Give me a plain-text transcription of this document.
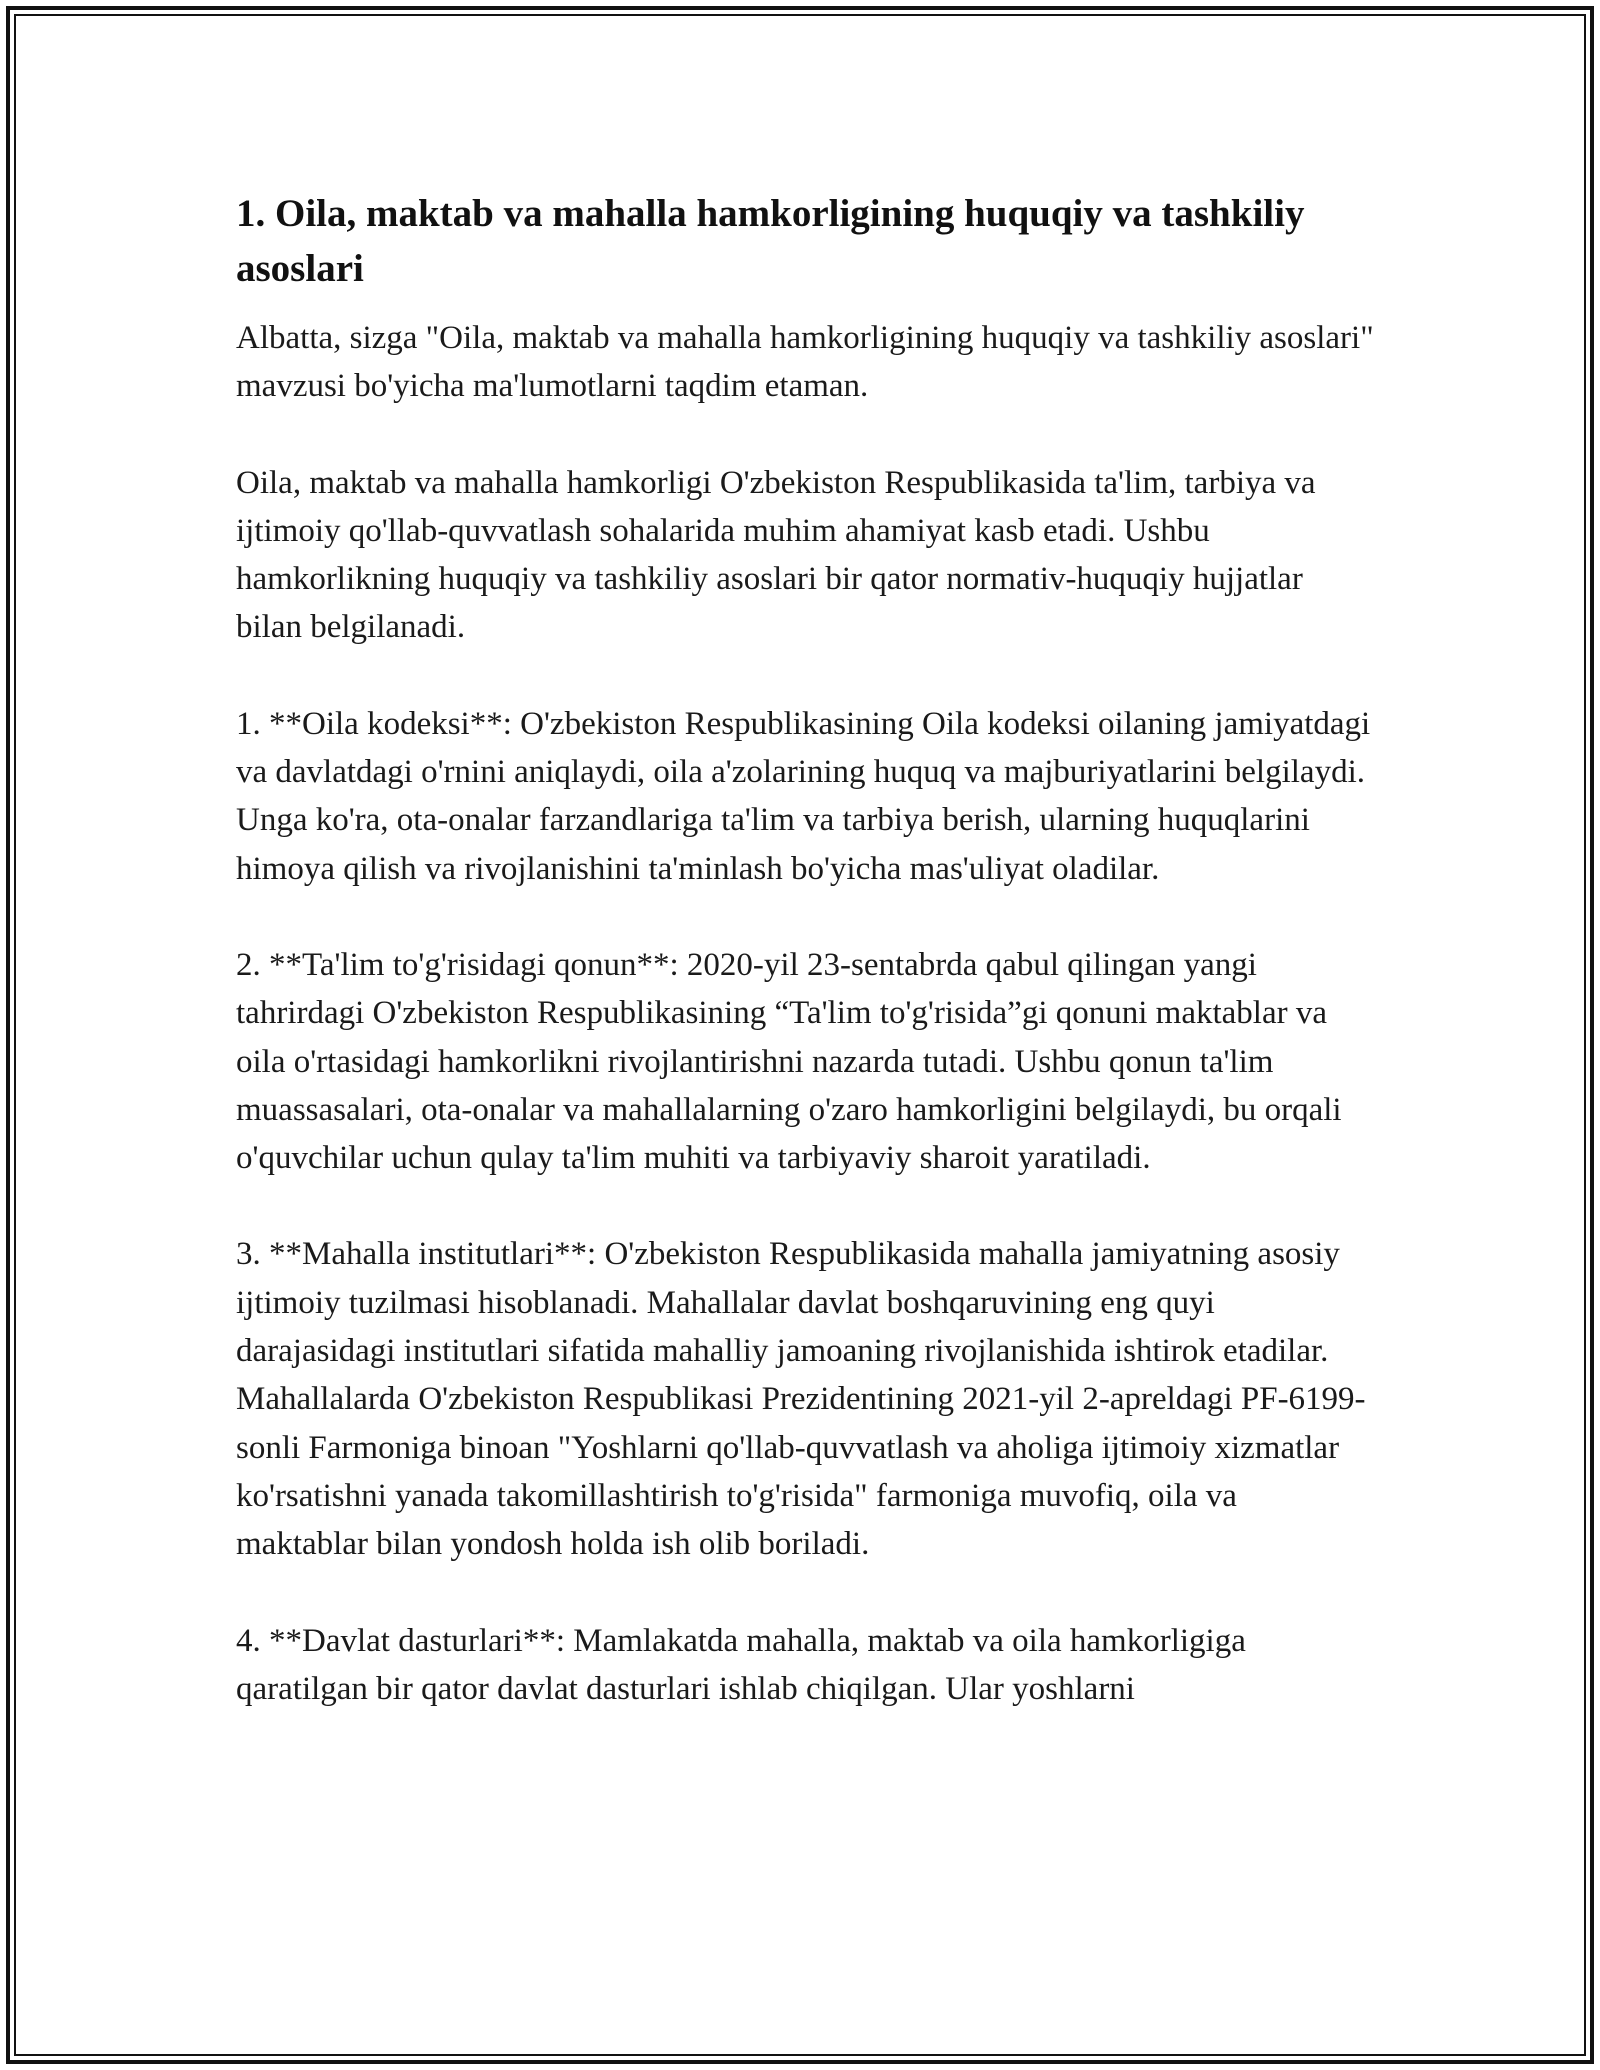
1. Oila, maktab va mahalla hamkorligining huquqiy va tashkiliy asoslari

Albatta, sizga "Oila, maktab va mahalla hamkorligining huquqiy va tashkiliy asoslari" mavzusi bo'yicha ma'lumotlarni taqdim etaman.

Oila, maktab va mahalla hamkorligi O'zbekiston Respublikasida ta'lim, tarbiya va ijtimoiy qo'llab-quvvatlash sohalarida muhim ahamiyat kasb etadi. Ushbu hamkorlikning huquqiy va tashkiliy asoslari bir qator normativ-huquqiy hujjatlar bilan belgilanadi.

1. **Oila kodeksi**: O'zbekiston Respublikasining Oila kodeksi oilaning jamiyatdagi va davlatdagi o'rnini aniqlaydi, oila a'zolarining huquq va majburiyatlarini belgilaydi. Unga ko'ra, ota-onalar farzandlariga ta'lim va tarbiya berish, ularning huquqlarini himoya qilish va rivojlanishini ta'minlash bo'yicha mas'uliyat oladilar.

2. **Ta'lim to'g'risidagi qonun**: 2020-yil 23-sentabrda qabul qilingan yangi tahrirdagi O'zbekiston Respublikasining “Ta'lim to'g'risida”gi qonuni maktablar va oila o'rtasidagi hamkorlikni rivojlantirishni nazarda tutadi. Ushbu qonun ta'lim muassasalari, ota-onalar va mahallalarning o'zaro hamkorligini belgilaydi, bu orqali o'quvchilar uchun qulay ta'lim muhiti va tarbiyaviy sharoit yaratiladi.

3. **Mahalla institutlari**: O'zbekiston Respublikasida mahalla jamiyatning asosiy ijtimoiy tuzilmasi hisoblanadi. Mahallalar davlat boshqaruvining eng quyi darajasidagi institutlari sifatida mahalliy jamoaning rivojlanishida ishtirok etadilar. Mahallalarda O'zbekiston Respublikasi Prezidentining 2021-yil 2-apreldagi PF-6199-sonli Farmoniga binoan "Yoshlarni qo'llab-quvvatlash va aholiga ijtimoiy xizmatlar ko'rsatishni yanada takomillashtirish to'g'risida" farmoniga muvofiq, oila va maktablar bilan yondosh holda ish olib boriladi.

4. **Davlat dasturlari**: Mamlakatda mahalla, maktab va oila hamkorligiga qaratilgan bir qator davlat dasturlari ishlab chiqilgan. Ular yoshlarni
